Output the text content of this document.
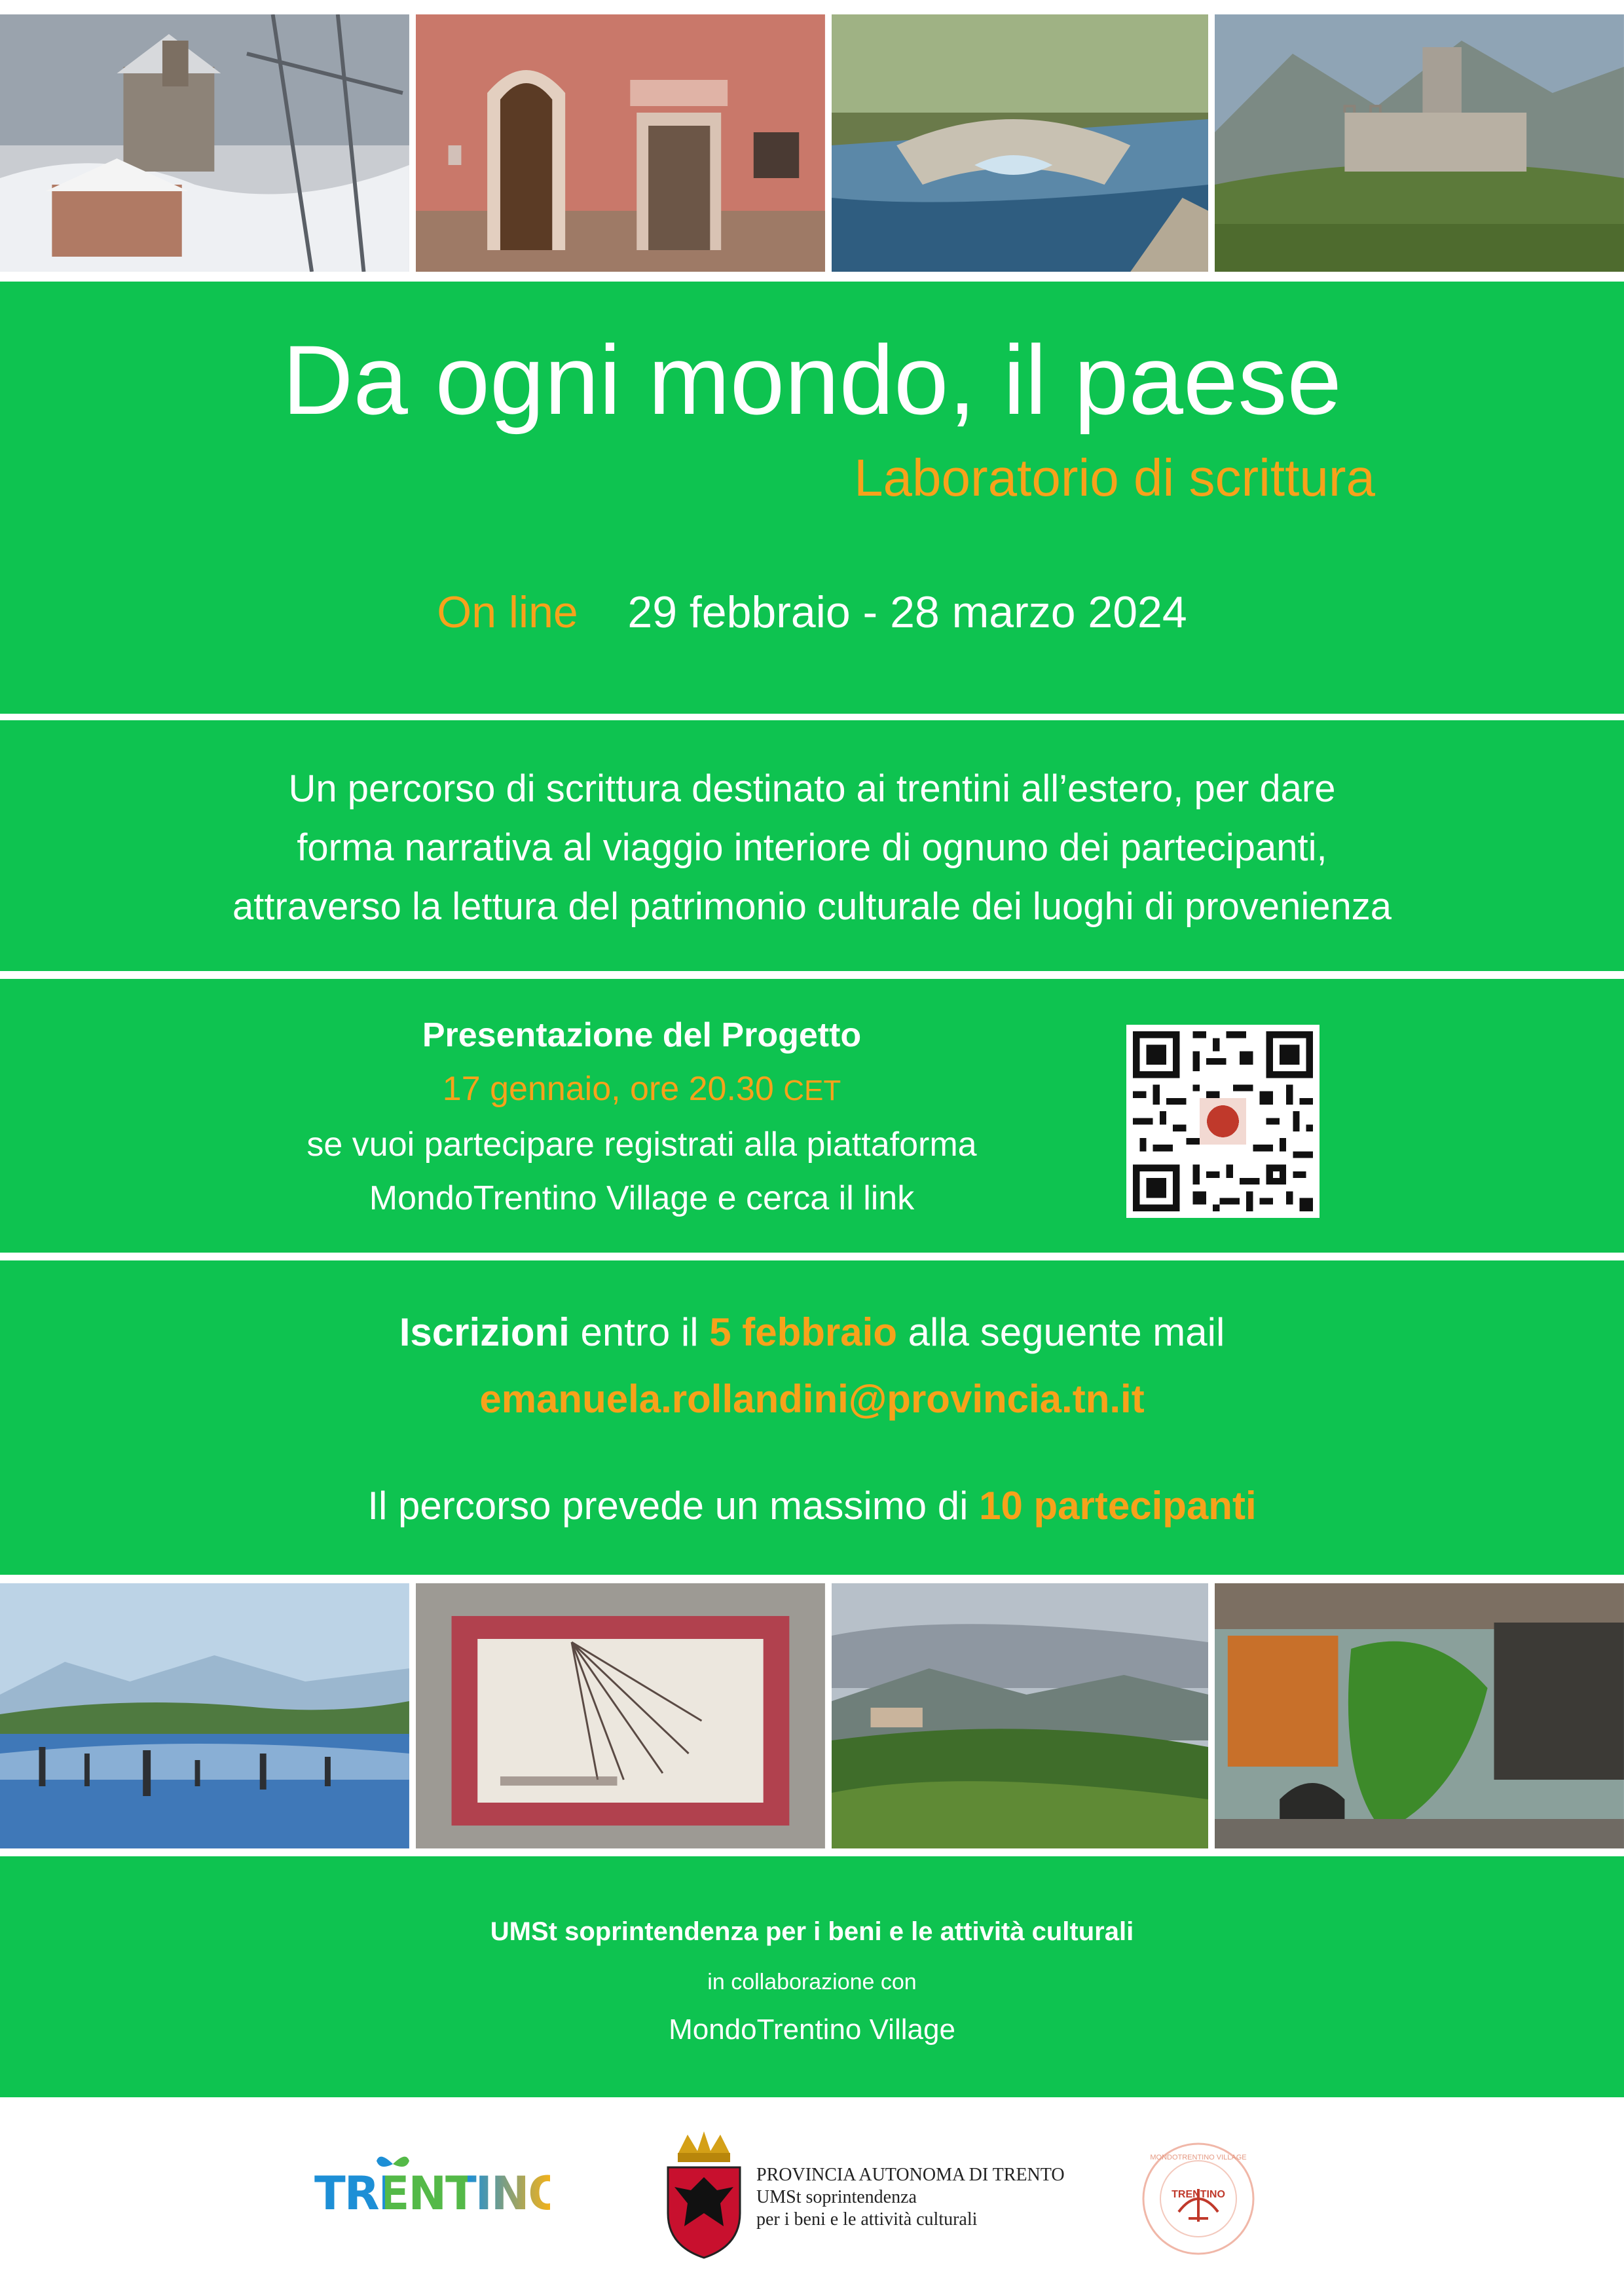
Da ogni mondo, il paese
Laboratorio di scrittura
On line 29 febbraio - 28 marzo 2024
Un percorso di scrittura destinato ai trentini all’estero, per dare
forma narrativa al viaggio interiore di ognuno dei partecipanti,
attraverso la lettura del patrimonio culturale dei luoghi di provenienza
Presentazione del Progetto
17 gennaio, ore 20.30 CET
se vuoi partecipare registrati alla piattaforma
MondoTrentino Village e cerca il link
Iscrizioni entro il 5 febbraio alla seguente mail
emanuela.rollandini@provincia.tn.it
Il percorso prevede un massimo di 10 partecipanti
UMSt soprintendenza per i beni e le attività culturali
in collaborazione con
MondoTrentino Village
TRENTINO	PROVINCIA AUTONOMA DI TRENTO
UMSt soprintendenza
per i beni e le attività culturali
TRENTINO
MONDOTRENTINO VILLAGE
